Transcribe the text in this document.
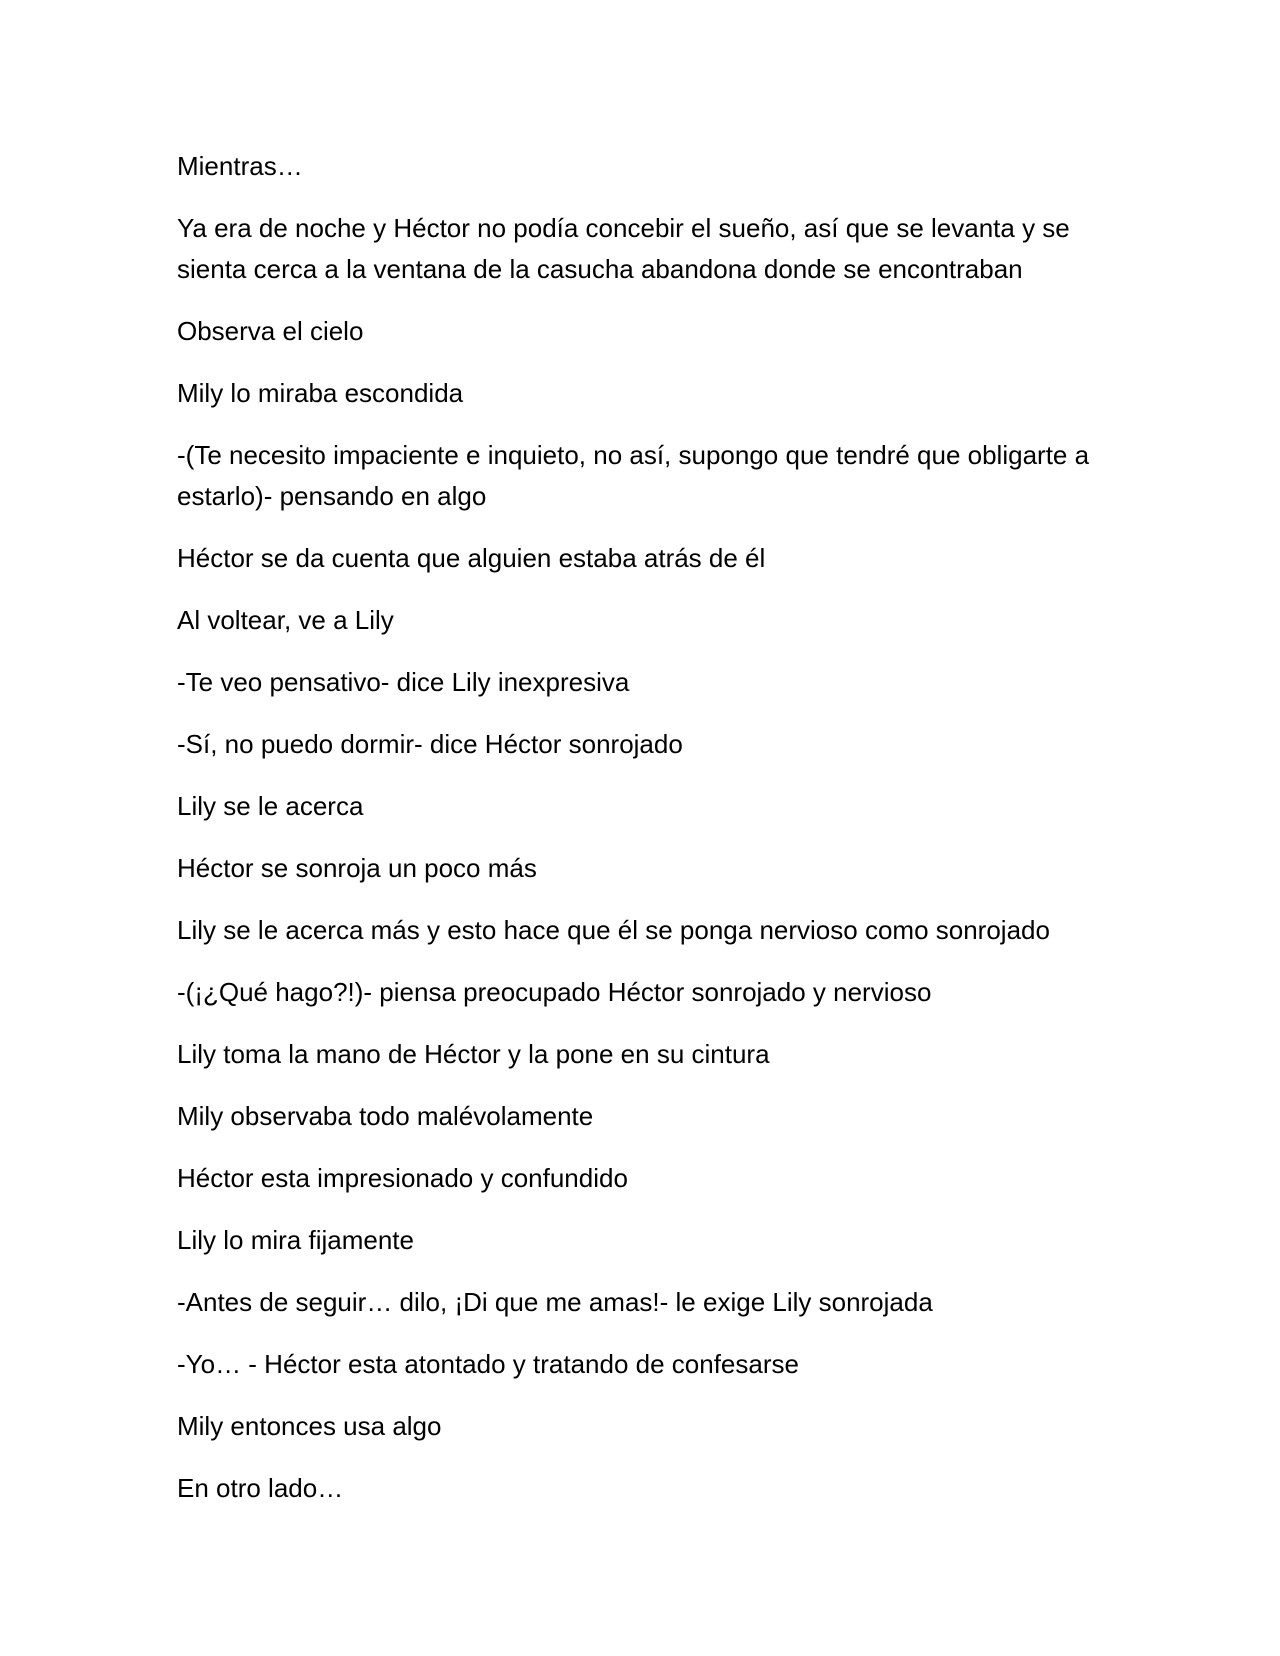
Mientras…

Ya era de noche y Héctor no podía concebir el sueño, así que se levanta y se sienta cerca a la ventana de la casucha abandona donde se encontraban

Observa el cielo

Mily lo miraba escondida

-(Te necesito impaciente e inquieto, no así, supongo que tendré que obligarte a estarlo)- pensando en algo

Héctor se da cuenta que alguien estaba atrás de él

Al voltear, ve a Lily

-Te veo pensativo- dice Lily inexpresiva

-Sí, no puedo dormir- dice Héctor sonrojado

Lily se le acerca

Héctor se sonroja un poco más

Lily se le acerca más y esto hace que él se ponga nervioso como sonrojado

-(¡¿Qué hago?!)- piensa preocupado Héctor sonrojado y nervioso

Lily toma la mano de Héctor y la pone en su cintura

Mily observaba todo malévolamente

Héctor esta impresionado y confundido

Lily lo mira fijamente

-Antes de seguir… dilo, ¡Di que me amas!- le exige Lily sonrojada

-Yo… - Héctor esta atontado y tratando de confesarse

Mily entonces usa algo

En otro lado…
